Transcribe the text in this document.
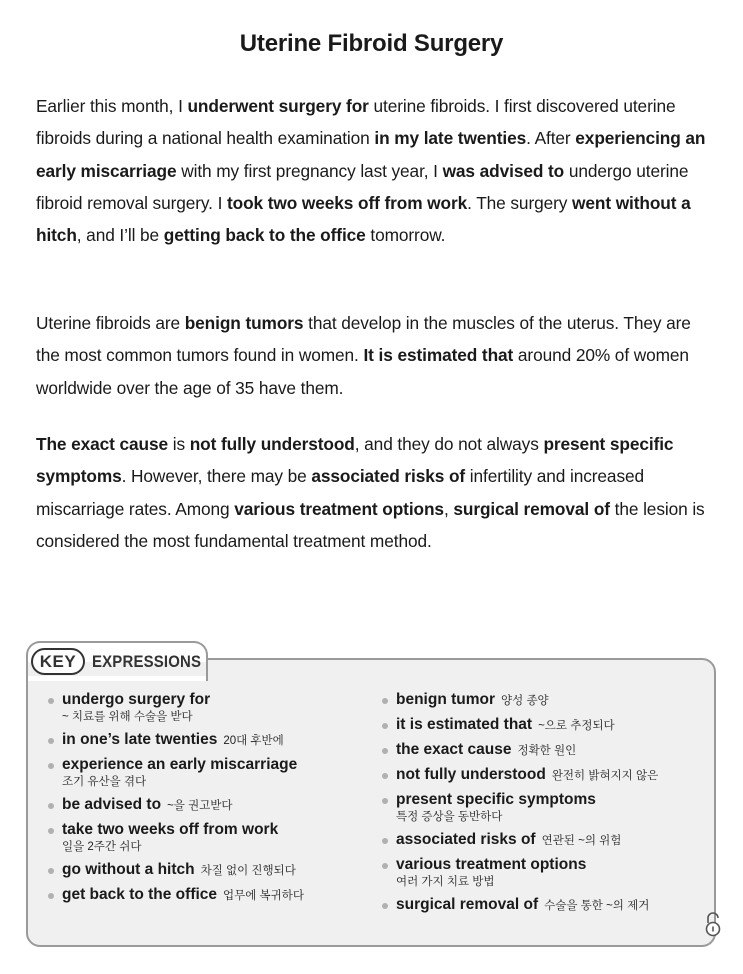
Uterine Fibroid Surgery
Earlier this month, I underwent surgery for uterine fibroids. I first discovered uterine fibroids during a national health examination in my late twenties. After experiencing an early miscarriage with my first pregnancy last year, I was advised to undergo uterine fibroid removal surgery. I took two weeks off from work. The surgery went without a hitch, and I’ll be getting back to the office tomorrow.
Uterine fibroids are benign tumors that develop in the muscles of the uterus. They are the most common tumors found in women. It is estimated that around 20% of women worldwide over the age of 35 have them.
The exact cause is not fully understood, and they do not always present specific symptoms. However, there may be associated risks of infertility and increased miscarriage rates. Among various treatment options, surgical removal of the lesion is considered the most fundamental treatment method.
KEY EXPRESSIONS
undergo surgery for
~ 치료를 위해 수술을 받다
in one’s late twenties 20대 후반에
experience an early miscarriage
조기 유산을 겪다
be advised to ~을 권고받다
take two weeks off from work
일을 2주간 쉬다
go without a hitch 차질 없이 진행되다
get back to the office 업무에 복귀하다
benign tumor 양성 종양
it is estimated that ~으로 추정되다
the exact cause 정확한 원인
not fully understood 완전히 밝혀지지 않은
present specific symptoms
특정 증상을 동반하다
associated risks of 연관된 ~의 위험
various treatment options
여러 가지 치료 방법
surgical removal of 수술을 통한 ~의 제거
